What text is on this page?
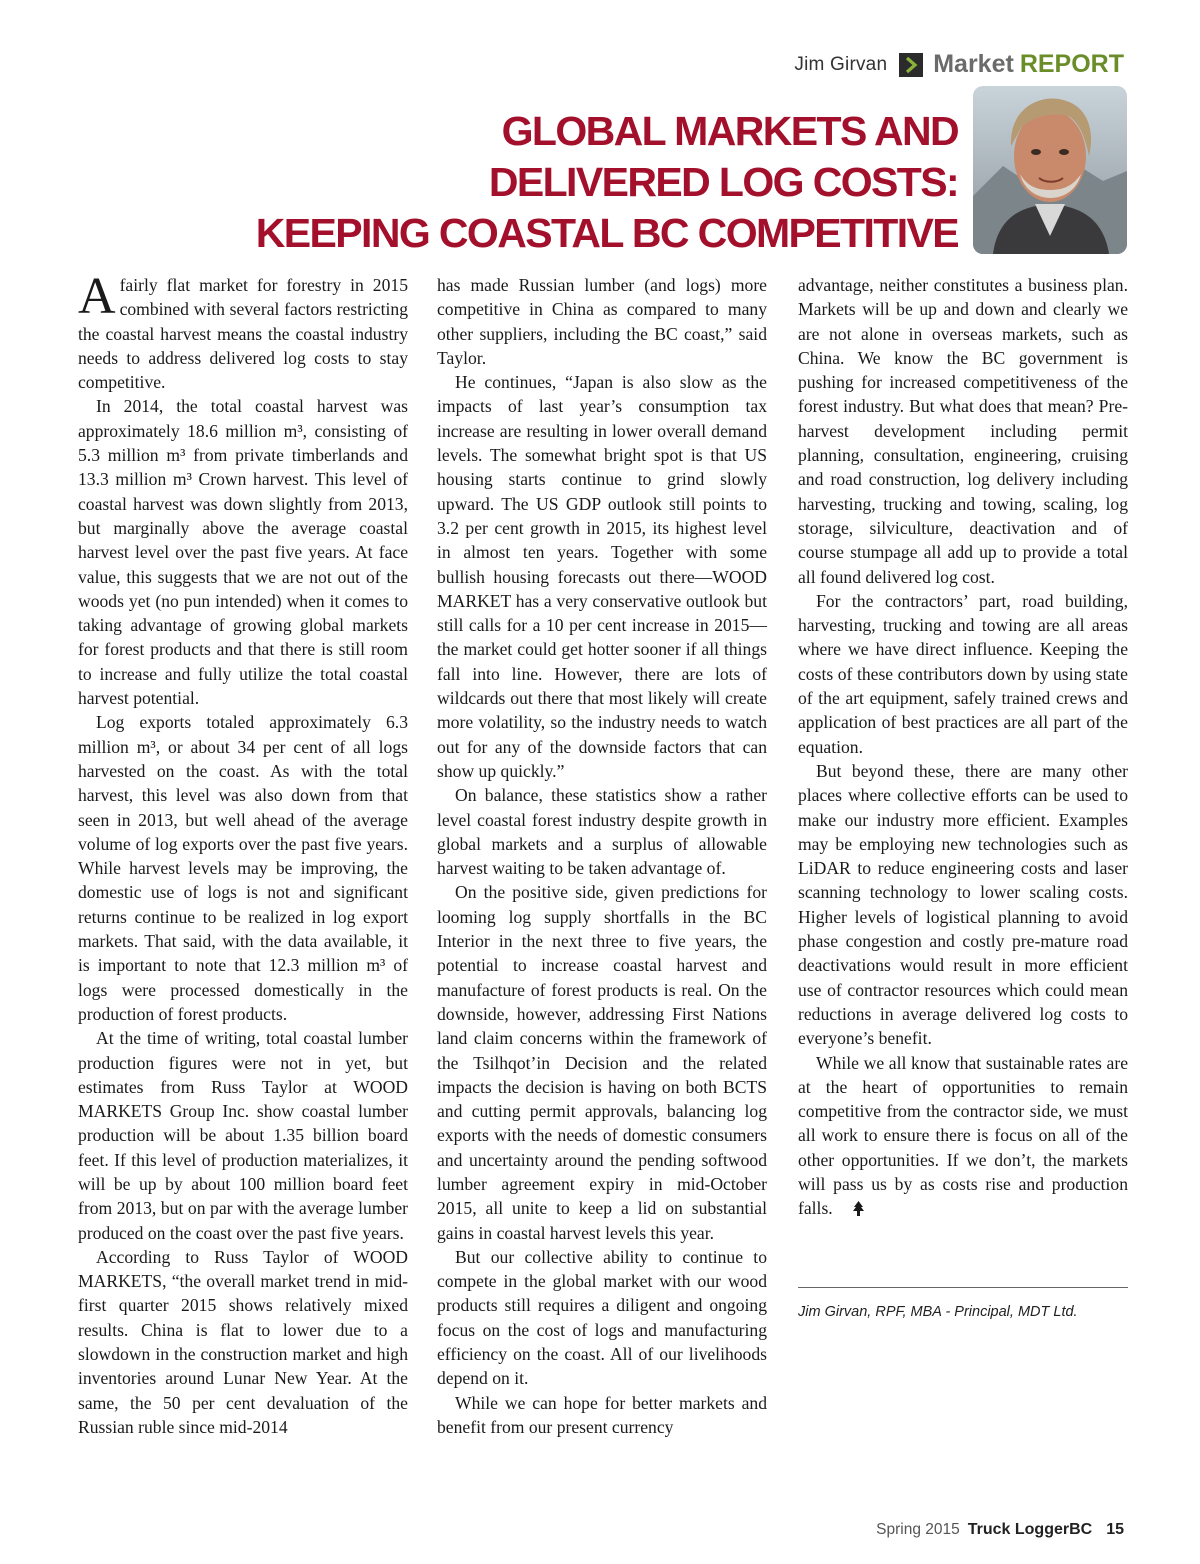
Jim Girvan Market REPORT
GLOBAL MARKETS AND
DELIVERED LOG COSTS:
KEEPING COASTAL BC COMPETITIVE

Afairly flat market for forestry in 2015 combined with several factors restricting the coastal harvest means the coastal industry needs to address delivered log costs to stay competitive.

In 2014, the total coastal harvest was approximately 18.6 million m³, consisting of 5.3 million m³ from private timberlands and 13.3 million m³ Crown harvest. This level of coastal harvest was down slightly from 2013, but marginally above the average coastal harvest level over the past five years. At face value, this suggests that we are not out of the woods yet (no pun intended) when it comes to taking advantage of growing global markets for forest products and that there is still room to increase and fully utilize the total coastal harvest potential.

Log exports totaled approximately 6.3 million m³, or about 34 per cent of all logs harvested on the coast. As with the total harvest, this level was also down from that seen in 2013, but well ahead of the average volume of log exports over the past five years. While harvest levels may be improving, the domestic use of logs is not and significant returns continue to be realized in log export markets. That said, with the data available, it is important to note that 12.3 million m³ of logs were processed domestically in the production of forest products.

At the time of writing, total coastal lumber production figures were not in yet, but estimates from Russ Taylor at WOOD MARKETS Group Inc. show coastal lumber production will be about 1.35 billion board feet. If this level of production materializes, it will be up by about 100 million board feet from 2013, but on par with the average lumber produced on the coast over the past five years.

According to Russ Taylor of WOOD MARKETS, “the overall market trend in mid-first quarter 2015 shows relatively mixed results. China is flat to lower due to a slowdown in the construction market and high inventories around Lunar New Year. At the same, the 50 per cent devaluation of the Russian ruble since mid-2014

has made Russian lumber (and logs) more competitive in China as compared to many other suppliers, including the BC coast,” said Taylor.

He continues, “Japan is also slow as the impacts of last year’s consumption tax increase are resulting in lower overall demand levels. The somewhat bright spot is that US housing starts continue to grind slowly upward. The US GDP outlook still points to 3.2 per cent growth in 2015, its highest level in almost ten years. Together with some bullish housing forecasts out there—WOOD MARKET has a very conservative outlook but still calls for a 10 per cent increase in 2015—the market could get hotter sooner if all things fall into line. However, there are lots of wildcards out there that most likely will create more volatility, so the industry needs to watch out for any of the downside factors that can show up quickly.”

On balance, these statistics show a rather level coastal forest industry despite growth in global markets and a surplus of allowable harvest waiting to be taken advantage of.

On the positive side, given predictions for looming log supply shortfalls in the BC Interior in the next three to five years, the potential to increase coastal harvest and manufacture of forest products is real. On the downside, however, addressing First Nations land claim concerns within the framework of the Tsilhqot’in Decision and the related impacts the decision is having on both BCTS and cutting permit approvals, balancing log exports with the needs of domestic consumers and uncertainty around the pending softwood lumber agreement expiry in mid-October 2015, all unite to keep a lid on substantial gains in coastal harvest levels this year.

But our collective ability to continue to compete in the global market with our wood products still requires a diligent and ongoing focus on the cost of logs and manufacturing efficiency on the coast. All of our livelihoods depend on it.

While we can hope for better markets and benefit from our present currency

advantage, neither constitutes a business plan. Markets will be up and down and clearly we are not alone in overseas markets, such as China. We know the BC government is pushing for increased competitiveness of the forest industry. But what does that mean? Pre-harvest development including permit planning, consultation, engineering, cruising and road construction, log delivery including harvesting, trucking and towing, scaling, log storage, silviculture, deactivation and of course stumpage all add up to provide a total all found delivered log cost.

For the contractors’ part, road building, harvesting, trucking and towing are all areas where we have direct influence. Keeping the costs of these contributors down by using state of the art equipment, safely trained crews and application of best practices are all part of the equation.

But beyond these, there are many other places where collective efforts can be used to make our industry more efficient. Examples may be employing new technologies such as LiDAR to reduce engineering costs and laser scanning technology to lower scaling costs. Higher levels of logistical planning to avoid phase congestion and costly pre-mature road deactivations would result in more efficient use of contractor resources which could mean reductions in average delivered log costs to everyone’s benefit.

While we all know that sustainable rates are at the heart of opportunities to remain competitive from the contractor side, we must all work to ensure there is focus on all of the other opportunities. If we don’t, the markets will pass us by as costs rise and production falls.

Jim Girvan, RPF, MBA - Principal, MDT Ltd.
Spring 2015 Truck LoggerBC 15
